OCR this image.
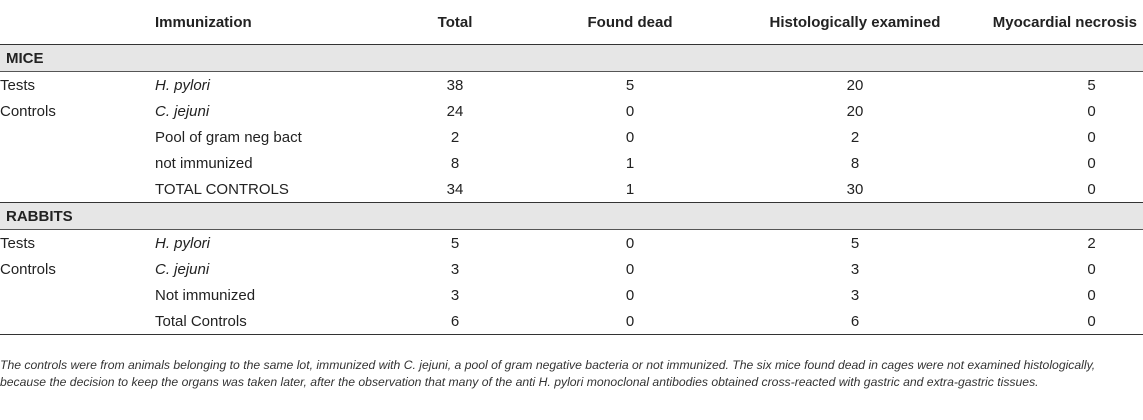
	Immunization	Total	Found dead	Histologically examined	Myocardial necrosis
MICE					
Tests	H. pylori	38	5	20	5
Controls	C. jejuni	24	0	20	0
	Pool of gram neg bact	2	0	2	0
	not immunized	8	1	8	0
	TOTAL CONTROLS	34	1	30	0
RABBITS					
Tests	H. pylori	5	0	5	2
Controls	C. jejuni	3	0	3	0
	Not immunized	3	0	3	0
	Total Controls	6	0	6	0
The controls were from animals belonging to the same lot, immunized with C. jejuni, a pool of gram negative bacteria or not immunized. The six mice found dead in cages were not examined histologically, because the decision to keep the organs was taken later, after the observation that many of the anti H. pylori monoclonal antibodies obtained cross-reacted with gastric and extra-gastric tissues.
